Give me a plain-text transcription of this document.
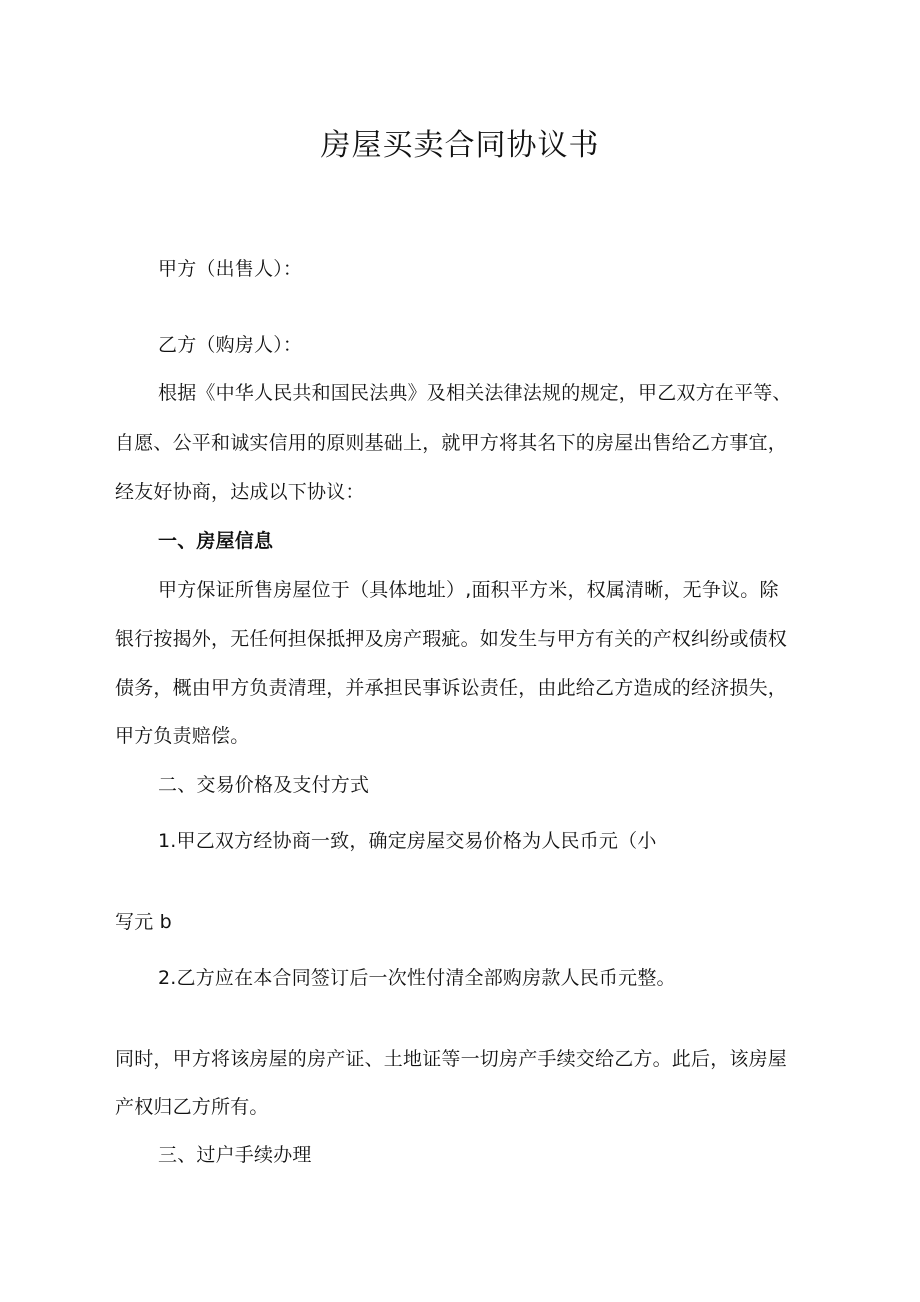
房屋买卖合同协议书
甲方（出售人）：
乙方（购房人）：
根据《中华人民共和国民法典》及相关法律法规的规定，甲乙双方在平等、
自愿、公平和诚实信用的原则基础上，就甲方将其名下的房屋出售给乙方事宜，
经友好协商，达成以下协议：
一、房屋信息
甲方保证所售房屋位于（具体地址）,面积平方米，权属清晰，无争议。除
银行按揭外，无任何担保抵押及房产瑕疵。如发生与甲方有关的产权纠纷或债权
债务，概由甲方负责清理，并承担民事诉讼责任，由此给乙方造成的经济损失，
甲方负责赔偿。
二、交易价格及支付方式
1.甲乙双方经协商一致，确定房屋交易价格为人民币元（小
写元 b
2.乙方应在本合同签订后一次性付清全部购房款人民币元整。
同时，甲方将该房屋的房产证、土地证等一切房产手续交给乙方。此后，该房屋
产权归乙方所有。
三、过户手续办理
